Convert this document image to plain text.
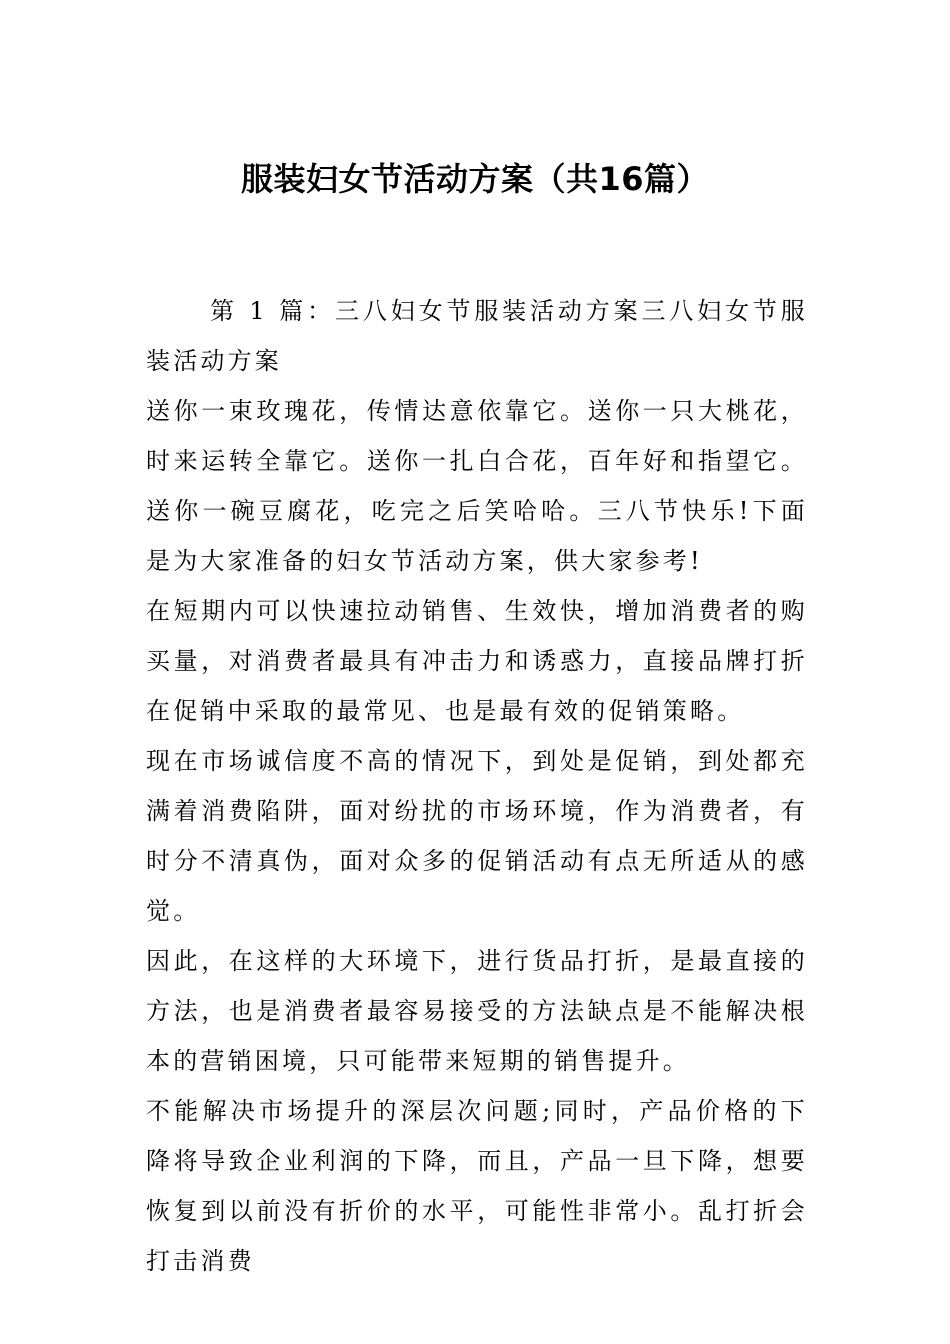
服装妇女节活动方案（共16篇）

第 1 篇：三八妇女节服装活动方案三八妇女节服装活动方案

送你一束玫瑰花，传情达意依靠它。送你一只大桃花，时来运转全靠它。送你一扎白合花，百年好和指望它。送你一碗豆腐花，吃完之后笑哈哈。三八节快乐!下面是为大家准备的妇女节活动方案，供大家参考!

在短期内可以快速拉动销售、生效快，增加消费者的购买量，对消费者最具有冲击力和诱惑力，直接品牌打折在促销中采取的最常见、也是最有效的促销策略。

现在市场诚信度不高的情况下，到处是促销，到处都充满着消费陷阱，面对纷扰的市场环境，作为消费者，有时分不清真伪，面对众多的促销活动有点无所适从的感觉。

因此，在这样的大环境下，进行货品打折，是最直接的方法，也是消费者最容易接受的方法缺点是不能解决根本的营销困境，只可能带来短期的销售提升。

不能解决市场提升的深层次问题;同时，产品价格的下降将导致企业利润的下降，而且，产品一旦下降，想要恢复到以前没有折价的水平，可能性非常小。乱打折会打击消费
